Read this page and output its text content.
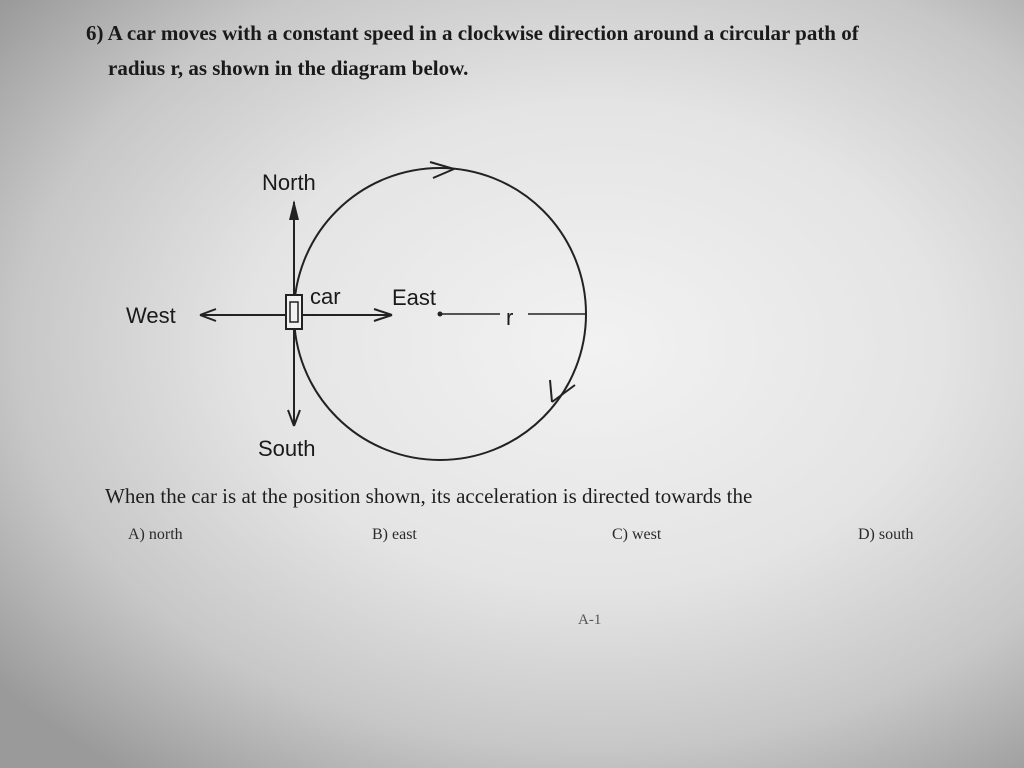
6) A car moves with a constant speed in a clockwise direction around a circular path of
radius r, as shown in the diagram below.
North
South
West
East
car
r
When the car is at the position shown, its acceleration is directed towards the
A) north	B) east	C) west	D) south
A-1
